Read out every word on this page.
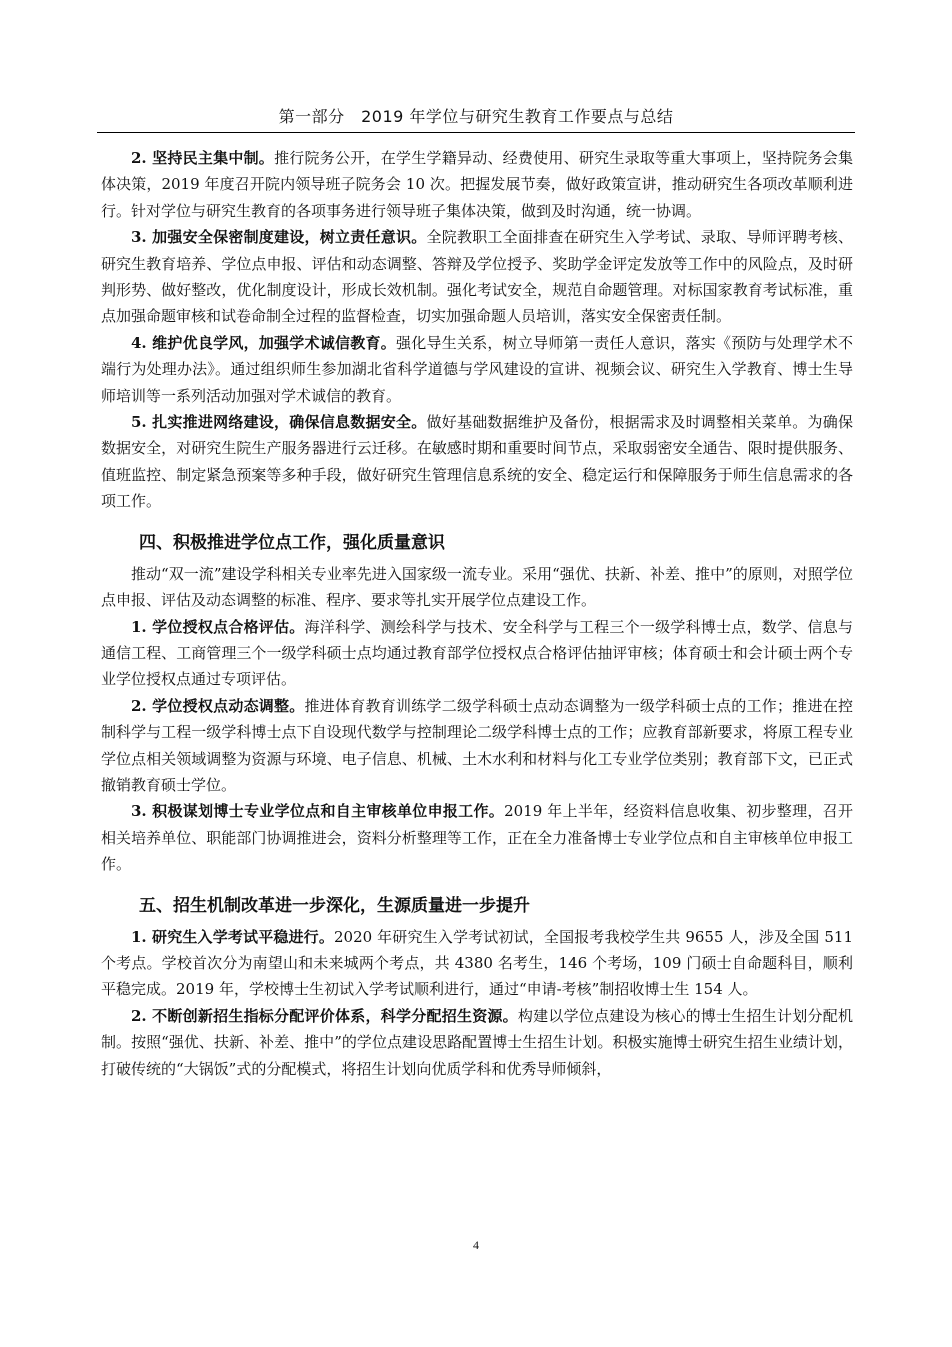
第一部分　2019 年学位与研究生教育工作要点与总结

2. 坚持民主集中制。推行院务公开，在学生学籍异动、经费使用、研究生录取等重大事项上，坚持院务会集体决策，2019 年度召开院内领导班子院务会 10 次。把握发展节奏，做好政策宣讲，推动研究生各项改革顺利进行。针对学位与研究生教育的各项事务进行领导班子集体决策，做到及时沟通，统一协调。

3. 加强安全保密制度建设，树立责任意识。全院教职工全面排查在研究生入学考试、录取、导师评聘考核、研究生教育培养、学位点申报、评估和动态调整、答辩及学位授予、奖助学金评定发放等工作中的风险点，及时研判形势、做好整改，优化制度设计，形成长效机制。强化考试安全，规范自命题管理。对标国家教育考试标准，重点加强命题审核和试卷命制全过程的监督检查，切实加强命题人员培训，落实安全保密责任制。

4. 维护优良学风，加强学术诚信教育。强化导生关系，树立导师第一责任人意识，落实《预防与处理学术不端行为处理办法》。通过组织师生参加湖北省科学道德与学风建设的宣讲、视频会议、研究生入学教育、博士生导师培训等一系列活动加强对学术诚信的教育。

5. 扎实推进网络建设，确保信息数据安全。做好基础数据维护及备份，根据需求及时调整相关菜单。为确保数据安全，对研究生院生产服务器进行云迁移。在敏感时期和重要时间节点，采取弱密安全通告、限时提供服务、值班监控、制定紧急预案等多种手段，做好研究生管理信息系统的安全、稳定运行和保障服务于师生信息需求的各项工作。

四、积极推进学位点工作，强化质量意识

推动“双一流”建设学科相关专业率先进入国家级一流专业。采用“强优、扶新、补差、推中”的原则，对照学位点申报、评估及动态调整的标准、程序、要求等扎实开展学位点建设工作。

1. 学位授权点合格评估。海洋科学、测绘科学与技术、安全科学与工程三个一级学科博士点，数学、信息与通信工程、工商管理三个一级学科硕士点均通过教育部学位授权点合格评估抽评审核；体育硕士和会计硕士两个专业学位授权点通过专项评估。

2. 学位授权点动态调整。推进体育教育训练学二级学科硕士点动态调整为一级学科硕士点的工作；推进在控制科学与工程一级学科博士点下自设现代数学与控制理论二级学科博士点的工作；应教育部新要求，将原工程专业学位点相关领域调整为资源与环境、电子信息、机械、土木水利和材料与化工专业学位类别；教育部下文，已正式撤销教育硕士学位。

3. 积极谋划博士专业学位点和自主审核单位申报工作。2019 年上半年，经资料信息收集、初步整理，召开相关培养单位、职能部门协调推进会，资料分析整理等工作，正在全力准备博士专业学位点和自主审核单位申报工作。

五、招生机制改革进一步深化，生源质量进一步提升

1. 研究生入学考试平稳进行。2020 年研究生入学考试初试，全国报考我校学生共 9655 人，涉及全国 511 个考点。学校首次分为南望山和未来城两个考点，共 4380 名考生，146 个考场，109 门硕士自命题科目，顺利平稳完成。2019 年，学校博士生初试入学考试顺利进行，通过“申请-考核”制招收博士生 154 人。

2. 不断创新招生指标分配评价体系，科学分配招生资源。构建以学位点建设为核心的博士生招生计划分配机制。按照“强优、扶新、补差、推中”的学位点建设思路配置博士生招生计划。积极实施博士研究生招生业绩计划，打破传统的“大锅饭”式的分配模式，将招生计划向优质学科和优秀导师倾斜，

4
